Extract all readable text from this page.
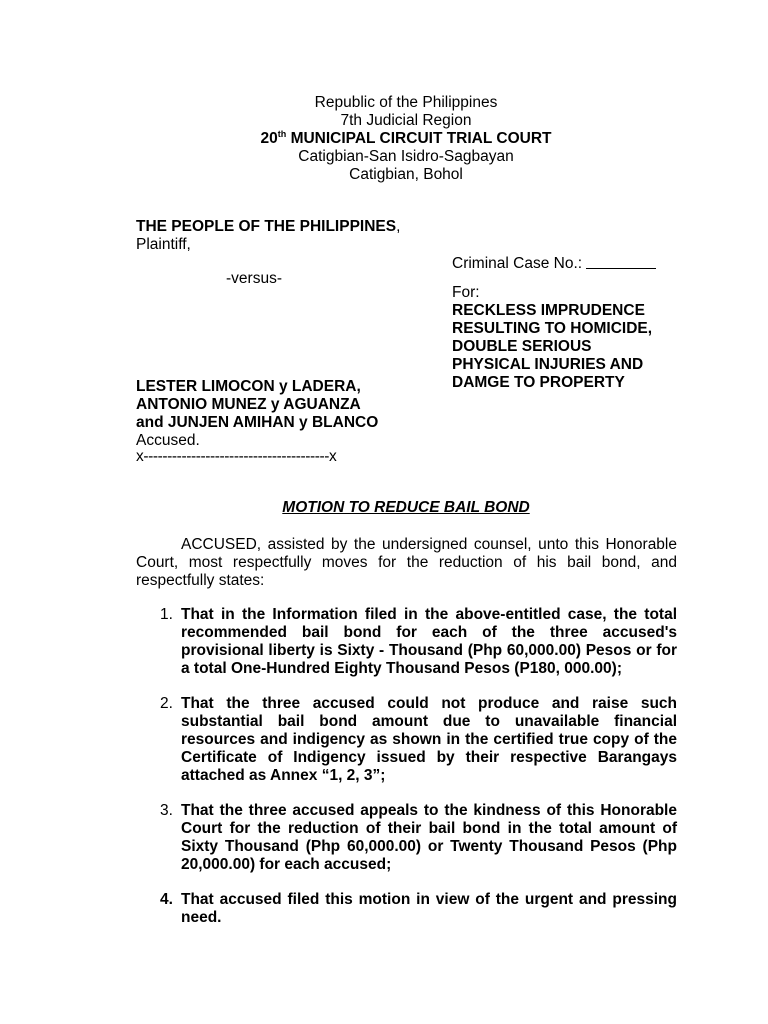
Republic of the Philippines
7th Judicial Region
20th MUNICIPAL CIRCUIT TRIAL COURT
Catigbian-San Isidro-Sagbayan
Catigbian, Bohol
THE PEOPLE OF THE PHILIPPINES,
Plaintiff,
-versus-
Criminal Case No.:
For:
RECKLESS IMPRUDENCE
RESULTING TO HOMICIDE,
DOUBLE SERIOUS
PHYSICAL INJURIES AND
DAMGE TO PROPERTY
LESTER LIMOCON y LADERA,
ANTONIO MUNEZ y AGUANZA
and JUNJEN AMIHAN y BLANCO
Accused.
x---------------------------------------x
MOTION TO REDUCE BAIL BOND
ACCUSED, assisted by the undersigned counsel, unto this Honorable Court, most respectfully moves for the reduction of his bail bond, and respectfully states:
1. That in the Information filed in the above-entitled case, the total recommended bail bond for each of the three accused's provisional liberty is Sixty - Thousand (Php 60,000.00) Pesos or for a total One-Hundred Eighty Thousand Pesos (P180, 000.00);
2. That the three accused could not produce and raise such substantial bail bond amount due to unavailable financial resources and indigency as shown in the certified true copy of the Certificate of Indigency issued by their respective Barangays attached as Annex “1, 2, 3”;
3. That the three accused appeals to the kindness of this Honorable Court for the reduction of their bail bond in the total amount of Sixty Thousand (Php 60,000.00) or Twenty Thousand Pesos (Php 20,000.00) for each accused;
4. That accused filed this motion in view of the urgent and pressing need.
